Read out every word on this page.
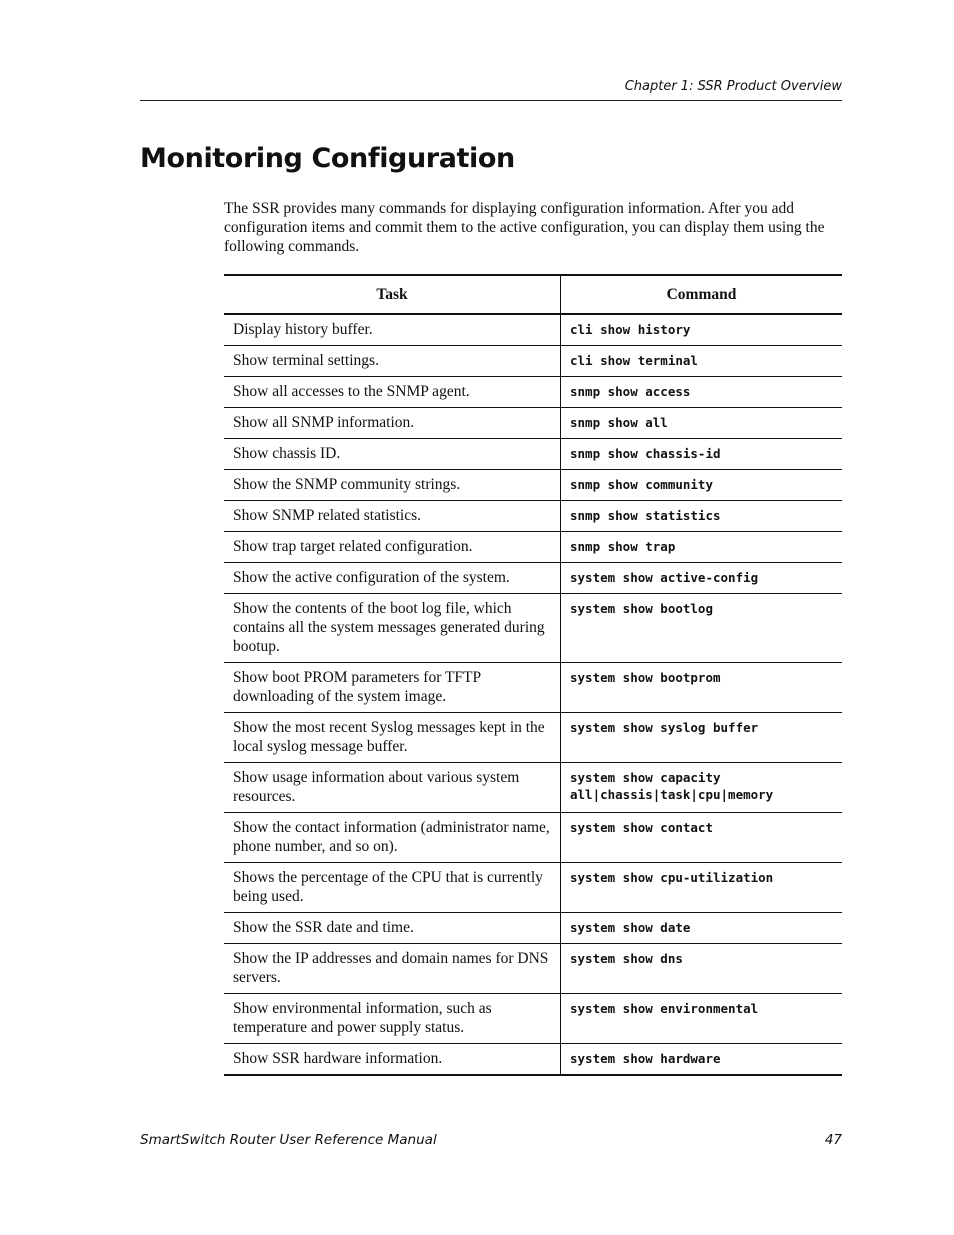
Chapter 1: SSR Product Overview
Monitoring Configuration

The SSR provides many commands for displaying configuration information. After you add configuration items and commit them to the active configuration, you can display them using the following commands.

Task	Command
Display history buffer.	cli show history
Show terminal settings.	cli show terminal
Show all accesses to the SNMP agent.	snmp show access
Show all SNMP information.	snmp show all
Show chassis ID.	snmp show chassis-id
Show the SNMP community strings.	snmp show community
Show SNMP related statistics.	snmp show statistics
Show trap target related configuration.	snmp show trap
Show the active configuration of the system.	system show active-config
Show the contents of the boot log file, which contains all the system messages generated during bootup.	system show bootlog
Show boot PROM parameters for TFTP downloading of the system image.	system show bootprom
Show the most recent Syslog messages kept in the local syslog message buffer.	system show syslog buffer
Show usage information about various system resources.	system show capacity all|chassis|task|cpu|memory
Show the contact information (administrator name, phone number, and so on).	system show contact
Shows the percentage of the CPU that is currently being used.	system show cpu-utilization
Show the SSR date and time.	system show date
Show the IP addresses and domain names for DNS servers.	system show dns
Show environmental information, such as temperature and power supply status.	system show environmental
Show SSR hardware information.	system show hardware
SmartSwitch Router User Reference Manual	47
